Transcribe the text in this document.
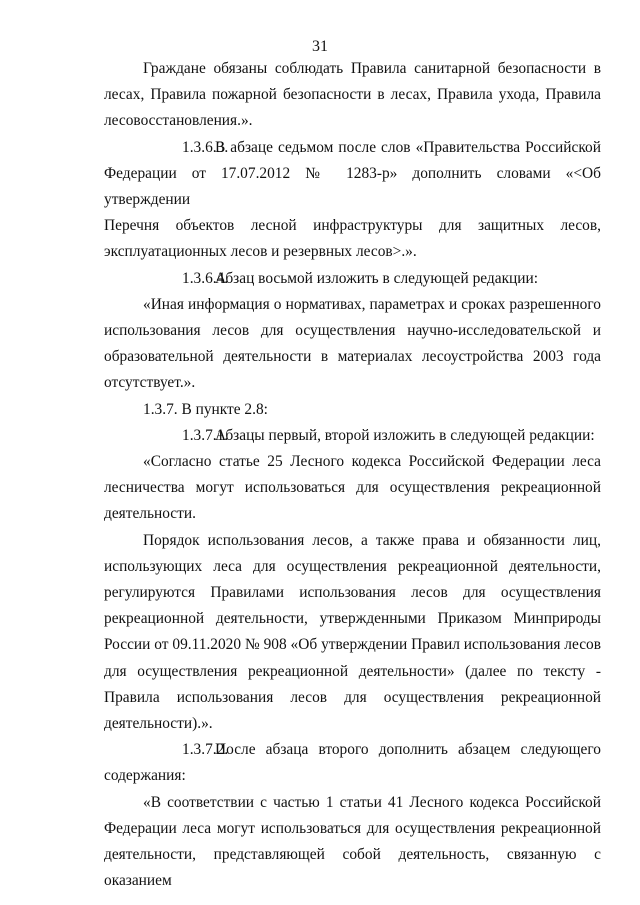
31

Граждане обязаны соблюдать Правила санитарной безопасности в

лесах, Правила пожарной безопасности в лесах, Правила ухода, Правила

лесовосстановления.».

1.3.6.3.В абзаце седьмом после слов «Правительства Российской

Федерации от 17.07.2012 № 1283-р» дополнить словами «<Об утверждении

Перечня объектов лесной инфраструктуры для защитных лесов,

эксплуатационных лесов и резервных лесов>.».

1.3.6.4.Абзац восьмой изложить в следующей редакции:

«Иная информация о нормативах, параметрах и сроках разрешенного

использования лесов для осуществления научно-исследовательской и

образовательной деятельности в материалах лесоустройства 2003 года

отсутствует.».

1.3.7. В пункте 2.8:

1.3.7.1.Абзацы первый, второй изложить в следующей редакции:

«Согласно статье 25 Лесного кодекса Российской Федерации леса

лесничества могут использоваться для осуществления рекреационной

деятельности.

Порядок использования лесов, а также права и обязанности лиц,

использующих леса для осуществления рекреационной деятельности,

регулируются Правилами использования лесов для осуществления

рекреационной деятельности, утвержденными Приказом Минприроды

России от 09.11.2020 № 908 «Об утверждении Правил использования лесов

для осуществления рекреационной деятельности» (далее по тексту -

Правила использования лесов для осуществления рекреационной

деятельности).».

1.3.7.2.После абзаца второго дополнить абзацем следующего

содержания:

«В соответствии с частью 1 статьи 41 Лесного кодекса Российской

Федерации леса могут использоваться для осуществления рекреационной

деятельности, представляющей собой деятельность, связанную с оказанием
